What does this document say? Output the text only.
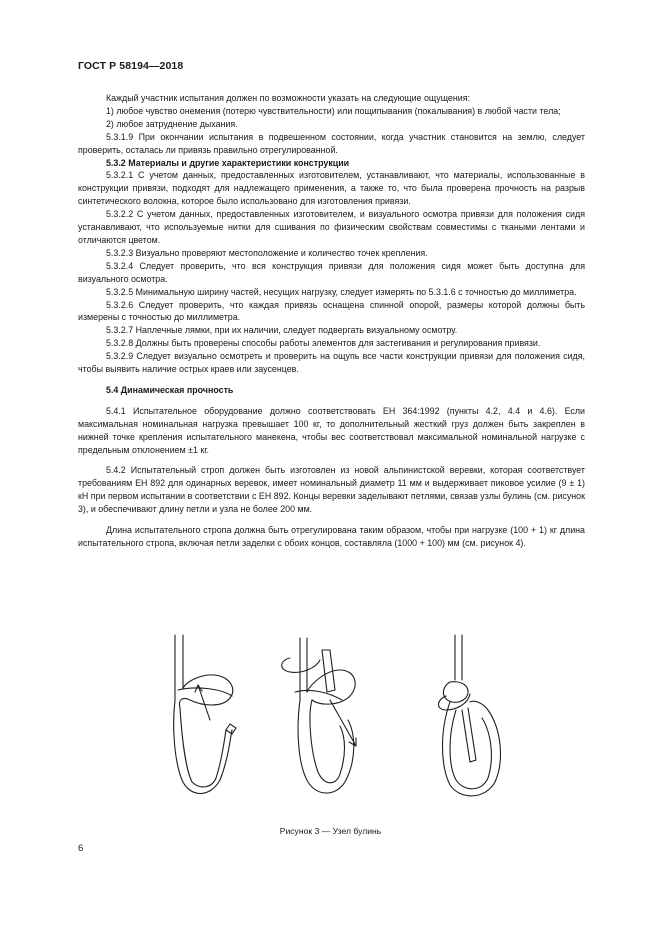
ГОСТ Р 58194—2018

Каждый участник испытания должен по возможности указать на следующие ощущения:

1) любое чувство онемения (потерю чувствительности) или пощипывания (покалывания) в любой части тела;

2) любое затруднение дыхания.

5.3.1.9 При окончании испытания в подвешенном состоянии, когда участник становится на землю, следует проверить, осталась ли привязь правильно отрегулированной.

5.3.2 Материалы и другие характеристики конструкции

5.3.2.1 С учетом данных, предоставленных изготовителем, устанавливают, что материалы, использованные в конструкции привязи, подходят для надлежащего применения, а также то, что была проверена прочность на разрыв синтетического волокна, которое было использовано для изготовления привязи.

5.3.2.2 С учетом данных, предоставленных изготовителем, и визуального осмотра привязи для положения сидя устанавливают, что используемые нитки для сшивания по физическим свойствам совместимы с ткаными лентами и отличаются цветом.

5.3.2.3 Визуально проверяют местоположение и количество точек крепления.

5.3.2.4 Следует проверить, что вся конструкция привязи для положения сидя может быть доступна для визуального осмотра.

5.3.2.5 Минимальную ширину частей, несущих нагрузку, следует измерять по 5.3.1.6 с точностью до миллиметра.

5.3.2.6 Следует проверить, что каждая привязь оснащена спинной опорой, размеры которой должны быть измерены с точностью до миллиметра.

5.3.2.7 Наплечные лямки, при их наличии, следует подвергать визуальному осмотру.

5.3.2.8 Должны быть проверены способы работы элементов для застегивания и регулирования привязи.

5.3.2.9 Следует визуально осмотреть и проверить на ощупь все части конструкции привязи для положения сидя, чтобы выявить наличие острых краев или заусенцев.

5.4 Динамическая прочность

5.4.1 Испытательное оборудование должно соответствовать ЕН 364:1992 (пункты 4.2, 4.4 и 4.6). Если максимальная номинальная нагрузка превышает 100 кг, то дополнительный жесткий груз должен быть закреплен в нижней точке крепления испытательного манекена, чтобы вес соответствовал максимальной номинальной нагрузке с предельным отклонением ±1 кг.

5.4.2 Испытательный строп должен быть изготовлен из новой альпинистской веревки, которая соответствует требованиям ЕН 892 для одинарных веревок, имеет номинальный диаметр 11 мм и выдерживает пиковое усилие (9 ± 1) кН при первом испытании в соответствии с ЕН 892. Концы веревки заделывают петлями, связав узлы булинь (см. рисунок 3), и обеспечивают длину петли и узла не более 200 мм.

Длина испытательного стропа должна быть отрегулирована таким образом, чтобы при нагрузке (100 + 1) кг длина испытательного стропа, включая петли заделки с обоих концов, составляла (1000 + 100) мм (см. рисунок 4).

Рисунок 3 — Узел булинь
6
